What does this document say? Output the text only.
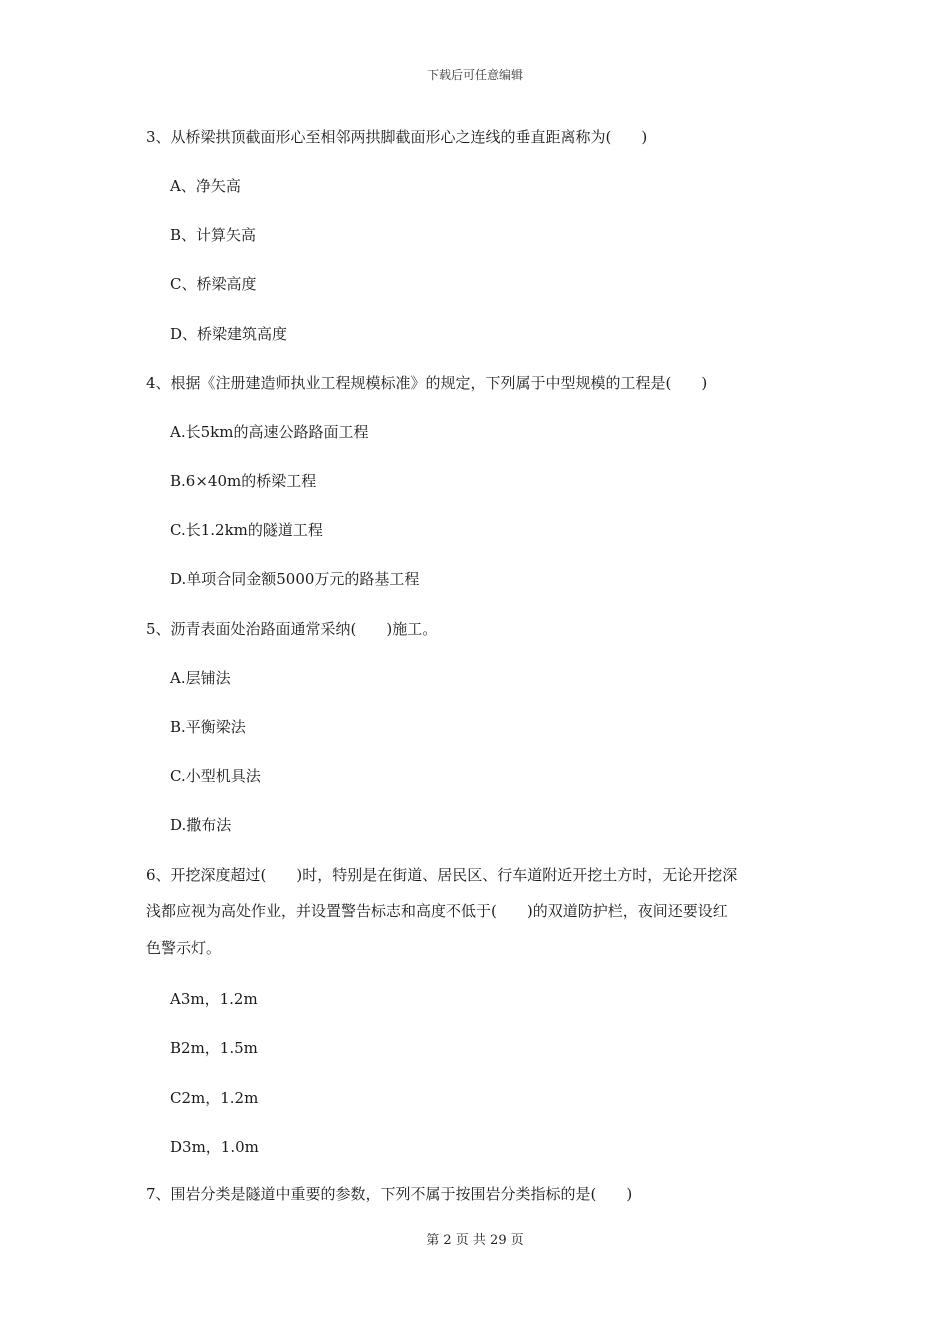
下载后可任意编辑
3、从桥梁拱顶截面形心至相邻两拱脚截面形心之连线的垂直距离称为(　　)
A、净矢高
B、计算矢高
C、桥梁高度
D、桥梁建筑高度
4、根据《注册建造师执业工程规模标准》的规定，下列属于中型规模的工程是(　　)
A.长5km的高速公路路面工程
B.6×40m的桥梁工程
C.长1.2km的隧道工程
D.单项合同金额5000万元的路基工程
5、沥青表面处治路面通常采纳(　　)施工。
A.层铺法
B.平衡梁法
C.小型机具法
D.撒布法
6、开挖深度超过(　　)时，特别是在街道、居民区、行车道附近开挖土方时，无论开挖深
浅都应视为高处作业，并设置警告标志和高度不低于(　　)的双道防护栏，夜间还要设红
色警示灯。
A3m，1.2m
B2m，1.5m
C2m，1.2m
D3m，1.0m
7、围岩分类是隧道中重要的参数，下列不属于按围岩分类指标的是(　　)
第 2 页 共 29 页
